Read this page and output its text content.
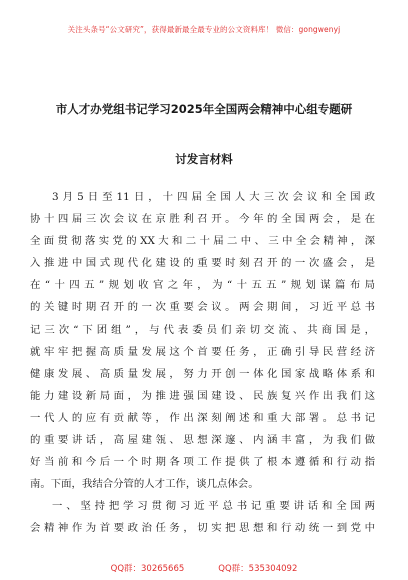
关注头条号“公文研究”，获得最新最全最专业的公文资料库！ 微信：gongwenyj
市人才办党组书记学习2025年全国两会精神中心组专题研
讨发言材料
3月5日至11日，十四届全国人大三次会议和全国政
协十四届三次会议在京胜利召开。今年的全国两会，是在
全面贯彻落实党的XX大和二十届二中、三中全会精神，深
入推进中国式现代化建设的重要时刻召开的一次盛会，是
在“十四五”规划收官之年，为“十五五”规划谋篇布局
的关键时期召开的一次重要会议。两会期间，习近平总书
记三次“下团组”，与代表委员们亲切交流、共商国是，
就牢牢把握高质量发展这个首要任务，正确引导民营经济
健康发展、高质量发展，努力开创一体化国家战略体系和
能力建设新局面，为推进强国建设、民族复兴作出我们这
一代人的应有贡献等，作出深刻阐述和重大部署。总书记
的重要讲话，高屋建瓴、思想深邃、内涵丰富，为我们做
好当前和今后一个时期各项工作提供了根本遵循和行动指
南。下面，我结合分管的人才工作，谈几点体会。
一、坚持把学习贯彻习近平总书记重要讲话和全国两
会精神作为首要政治任务，切实把思想和行动统一到党中
QQ群：30265665	QQ群：535304092
